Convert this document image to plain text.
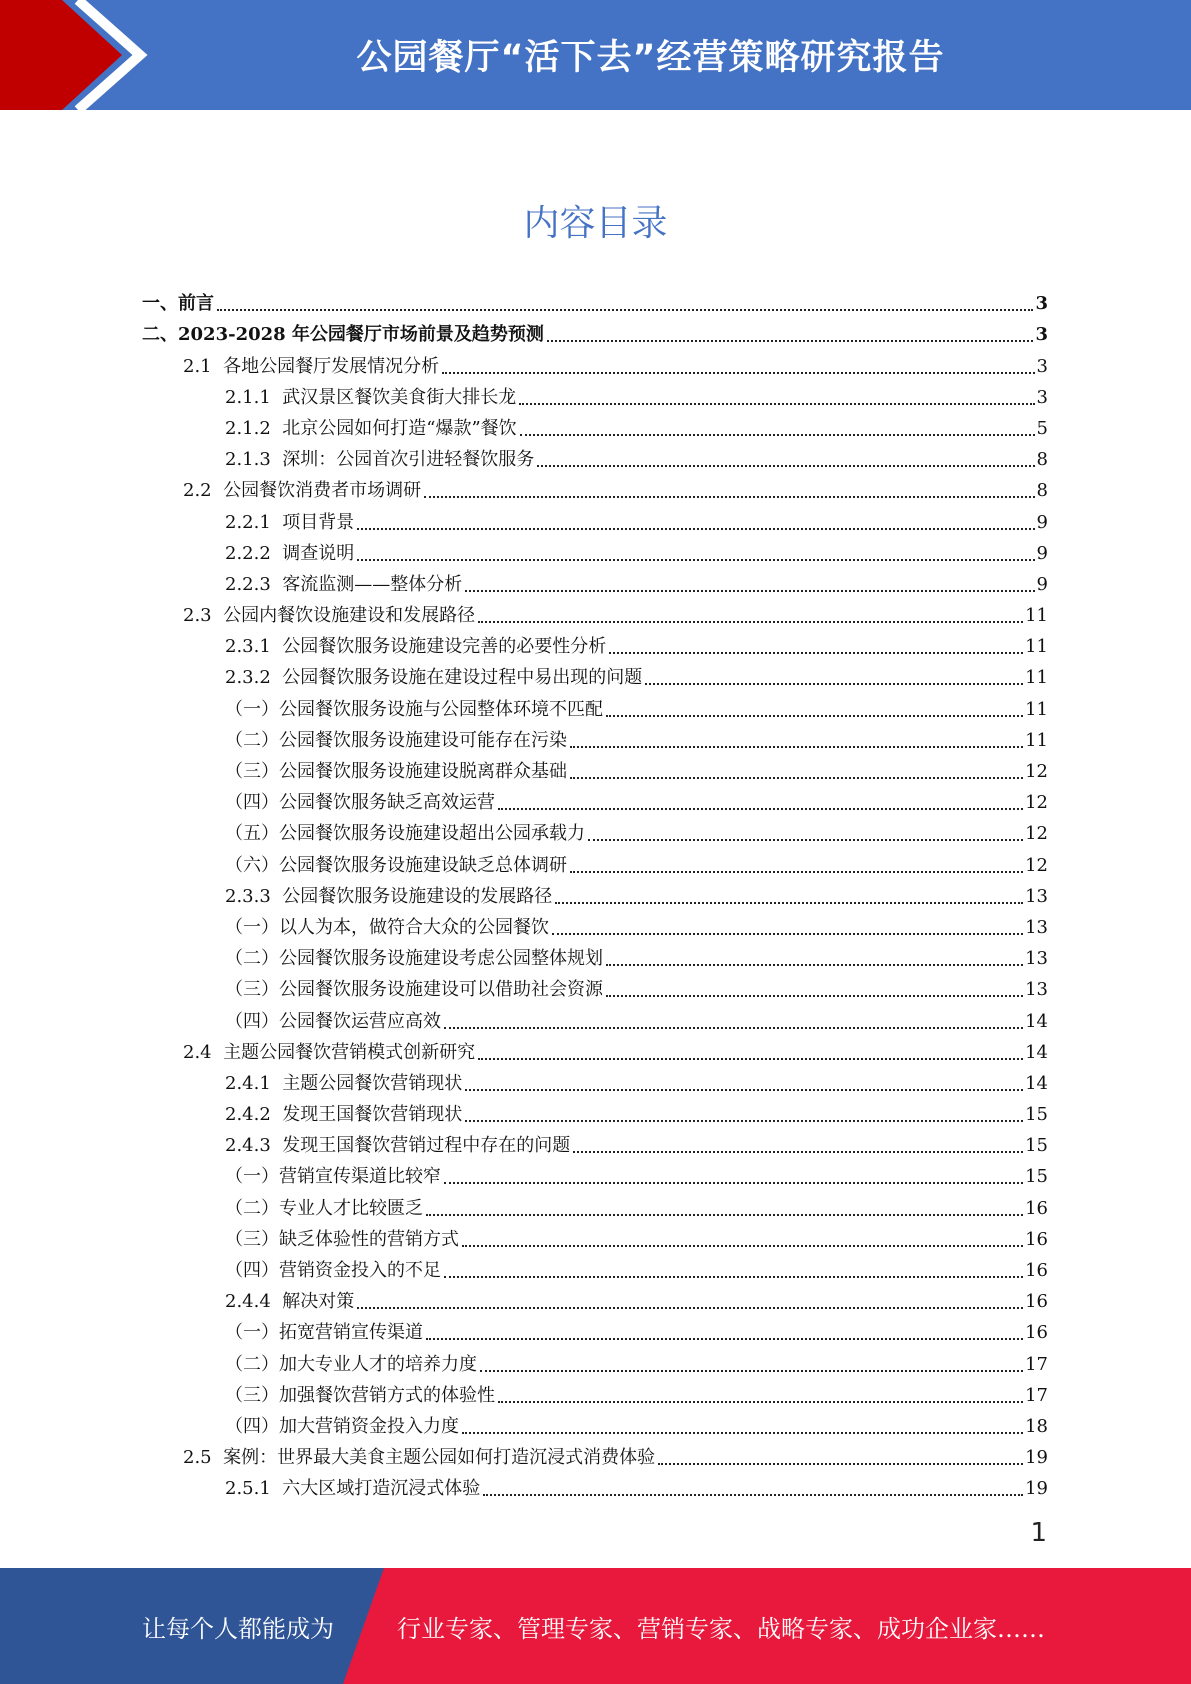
公园餐厅“活下去”经营策略研究报告
内容目录
一、 前言	3
二、 2023-2028 年公园餐厅市场前景及趋势预测	3
2.1 各地公园餐厅发展情况分析	3
2.1.1 武汉景区餐饮美食街大排长龙	3
2.1.2 北京公园如何打造“爆款”餐饮	5
2.1.3 深圳：公园首次引进轻餐饮服务	8
2.2 公园餐饮消费者市场调研	8
2.2.1 项目背景	9
2.2.2 调查说明	9
2.2.3 客流监测——整体分析	9
2.3 公园内餐饮设施建设和发展路径	11
2.3.1 公园餐饮服务设施建设完善的必要性分析	11
2.3.2 公园餐饮服务设施在建设过程中易出现的问题	11
（一） 公园餐饮服务设施与公园整体环境不匹配	11
（二） 公园餐饮服务设施建设可能存在污染	11
（三） 公园餐饮服务设施建设脱离群众基础	12
（四） 公园餐饮服务缺乏高效运营	12
（五） 公园餐饮服务设施建设超出公园承载力	12
（六） 公园餐饮服务设施建设缺乏总体调研	12
2.3.3 公园餐饮服务设施建设的发展路径	13
（一） 以人为本，做符合大众的公园餐饮	13
（二） 公园餐饮服务设施建设考虑公园整体规划	13
（三） 公园餐饮服务设施建设可以借助社会资源	13
（四） 公园餐饮运营应高效	14
2.4 主题公园餐饮营销模式创新研究	14
2.4.1 主题公园餐饮营销现状	14
2.4.2 发现王国餐饮营销现状	15
2.4.3 发现王国餐饮营销过程中存在的问题	15
（一） 营销宣传渠道比较窄	15
（二） 专业人才比较匮乏	16
（三） 缺乏体验性的营销方式	16
（四） 营销资金投入的不足	16
2.4.4 解决对策	16
（一） 拓宽营销宣传渠道	16
（二） 加大专业人才的培养力度	17
（三） 加强餐饮营销方式的体验性	17
（四） 加大营销资金投入力度	18
2.5 案例：世界最大美食主题公园如何打造沉浸式消费体验	19
2.5.1 六大区域打造沉浸式体验	19
1
让每个人都能成为	行业专家、管理专家、营销专家、战略专家、成功企业家……
